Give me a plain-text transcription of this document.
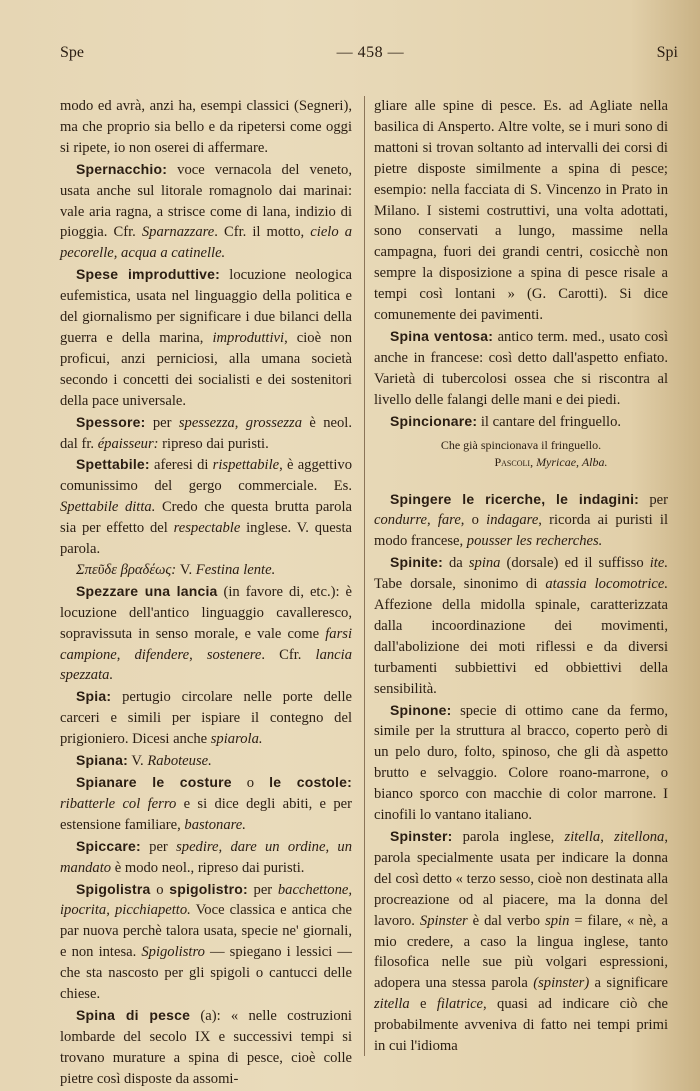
Spe	— 458 —	Spi

modo ed avrà, anzi ha, esempi classici (Segneri), ma che proprio sia bello e da ripetersi come oggi si ripete, io non oserei di affermare.

Spernacchio: voce vernacola del veneto, usata anche sul litorale romagnolo dai marinai: vale aria ragna, a strisce come di lana, indizio di pioggia. Cfr. Sparnazzare. Cfr. il motto, cielo a pecorelle, acqua a catinelle.

Spese improduttive: locuzione neologica eufemistica, usata nel linguaggio della politica e del giornalismo per significare i due bilanci della guerra e della marina, improduttivi, cioè non proficui, anzi perniciosi, alla umana società secondo i concetti dei socialisti e dei sostenitori della pace universale.

Spessore: per spessezza, grossezza è neol. dal fr. épaisseur: ripreso dai puristi.

Spettabile: aferesi di rispettabile, è aggettivo comunissimo del gergo commerciale. Es. Spettabile ditta. Credo che questa brutta parola sia per effetto del respectable inglese. V. questa parola.

Σπεῦδε βραδέως: V. Festina lente.

Spezzare una lancia (in favore di, etc.): è locuzione dell'antico linguaggio cavalleresco, sopravissuta in senso morale, e vale come farsi campione, difendere, sostenere. Cfr. lancia spezzata.

Spia: pertugio circolare nelle porte delle carceri e simili per ispiare il contegno del prigioniero. Dicesi anche spiarola.

Spiana: V. Raboteuse.

Spianare le costure o le costole: ribatterle col ferro e si dice degli abiti, e per estensione familiare, bastonare.

Spiccare: per spedire, dare un ordine, un mandato è modo neol., ripreso dai puristi.

Spigolistra o spigolistro: per bacchettone, ipocrita, picchiapetto. Voce classica e antica che par nuova perchè talora usata, specie ne' giornali, e non intesa. Spigolistro — spiegano i lessici — che sta nascosto per gli spigoli o cantucci delle chiese.

Spina di pesce (a): « nelle costruzioni lombarde del secolo IX e successivi tempi si trovano murature a spina di pesce, cioè colle pietre così disposte da assomi-

gliare alle spine di pesce. Es. ad Agliate nella basilica di Ansperto. Altre volte, se i muri sono di mattoni si trovan soltanto ad intervalli dei corsi di pietre disposte similmente a spina di pesce; esempio: nella facciata di S. Vincenzo in Prato in Milano. I sistemi costruttivi, una volta adottati, sono conservati a lungo, massime nella campagna, fuori dei grandi centri, cosicchè non sempre la disposizione a spina di pesce risale a tempi così lontani » (G. Carotti). Si dice comunemente dei pavimenti.

Spina ventosa: antico term. med., usato così anche in francese: così detto dall'aspetto enfiato. Varietà di tubercolosi ossea che si riscontra al livello delle falangi delle mani e dei piedi.

Spincionare: il cantare del fringuello.

Che già spincionava il fringuello.
Pascoli, Myricae, Alba.

Spingere le ricerche, le indagini: per condurre, fare, o indagare, ricorda ai puristi il modo francese, pousser les recherches.

Spinite: da spina (dorsale) ed il suffisso ite. Tabe dorsale, sinonimo di atassia locomotrice. Affezione della midolla spinale, caratterizzata dalla incoordinazione dei movimenti, dall'abolizione dei moti riflessi e da diversi turbamenti subbiettivi ed obbiettivi della sensibilità.

Spinone: specie di ottimo cane da fermo, simile per la struttura al bracco, coperto però di un pelo duro, folto, spinoso, che gli dà aspetto brutto e selvaggio. Colore roano-marrone, o bianco sporco con macchie di color marrone. I cinofili lo vantano italiano.

Spinster: parola inglese, zitella, zitellona, parola specialmente usata per indicare la donna del così detto « terzo sesso, cioè non destinata alla procreazione od al piacere, ma la donna del lavoro. Spinster è dal verbo spin = filare, « nè, a mio credere, a caso la lingua inglese, tanto filosofica nelle sue più volgari espressioni, adopera una stessa parola (spinster) a significare zitella e filatrice, quasi ad indicare ciò che probabilmente avveniva di fatto nei tempi primi in cui l'idioma
